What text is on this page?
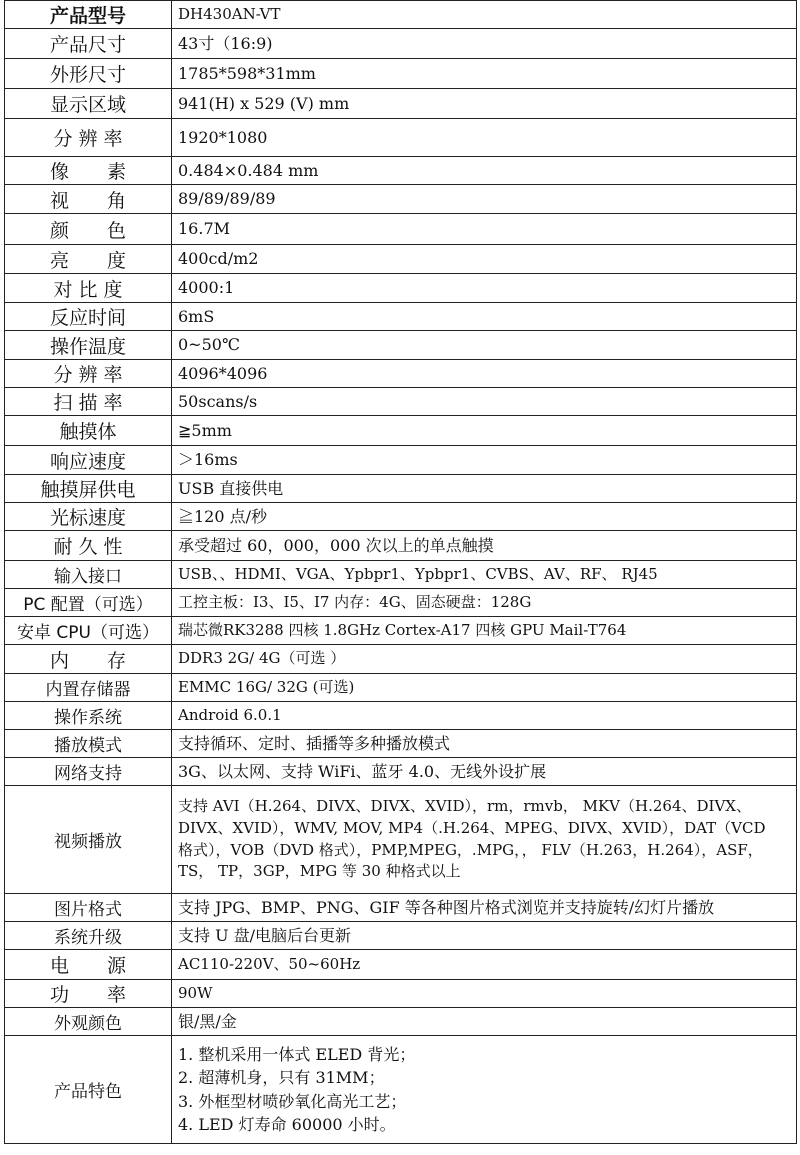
产品型号	DH430AN-VT
产品尺寸	43寸（16:9)
外形尺寸	1785*598*31mm
显示区域	941(H) x 529 (V) mm
分 辨 率	1920*1080
像　　素	0.484×0.484 mm
视　　角	89/89/89/89
颜　　色	16.7M
亮　　度	400cd/m2
对 比 度	4000:1
反应时间	6mS
操作温度	0~50℃
分 辨 率	4096*4096
扫 描 率	50scans/s
触摸体	≧5mm
响应速度	＞16ms
触摸屏供电	USB 直接供电
光标速度	≧120 点/秒
耐 久 性	承受超过 60，000，000 次以上的单点触摸
输入接口	USB、、HDMI、VGA、Ypbpr1、Ypbpr1、CVBS、AV、RF、 RJ45
PC 配置（可选）	工控主板：I3、I5、I7 内存：4G、固态硬盘：128G
安卓 CPU（可选）	瑞芯微RK3288 四核 1.8GHz Cortex-A17 四核 GPU Mail-T764
内　　存	DDR3 2G/ 4G（可选 ）
内置存储器	EMMC 16G/ 32G (可选)
操作系统	Android 6.0.1
播放模式	支持循环、定时、插播等多种播放模式
网络支持	3G、以太网、支持 WiFi、蓝牙 4.0、无线外设扩展
视频播放	支持 AVI（H.264、DIVX、DIVX、XVID），rm，rmvb， MKV（H.264、DIVX、
DIVX、XVID），WMV, MOV, MP4（.H.264、MPEG、DIVX、XVID），DAT（VCD
格式），VOB（DVD 格式），PMP,MPEG，.MPG，， FLV（H.263，H.264），ASF，
TS， TP，3GP，MPG 等 30 种格式以上

图片格式	支持 JPG、BMP、PNG、GIF 等各种图片格式浏览并支持旋转/幻灯片播放
系统升级	支持 U 盘/电脑后台更新
电　　源	AC110-220V、50~60Hz
功　　率	90W
外观颜色	银/黑/金
产品特色	1. 整机采用一体式 ELED 背光；
2. 超薄机身，只有 31MM；
3. 外框型材喷砂氧化高光工艺；
4. LED 灯寿命 60000 小时。
